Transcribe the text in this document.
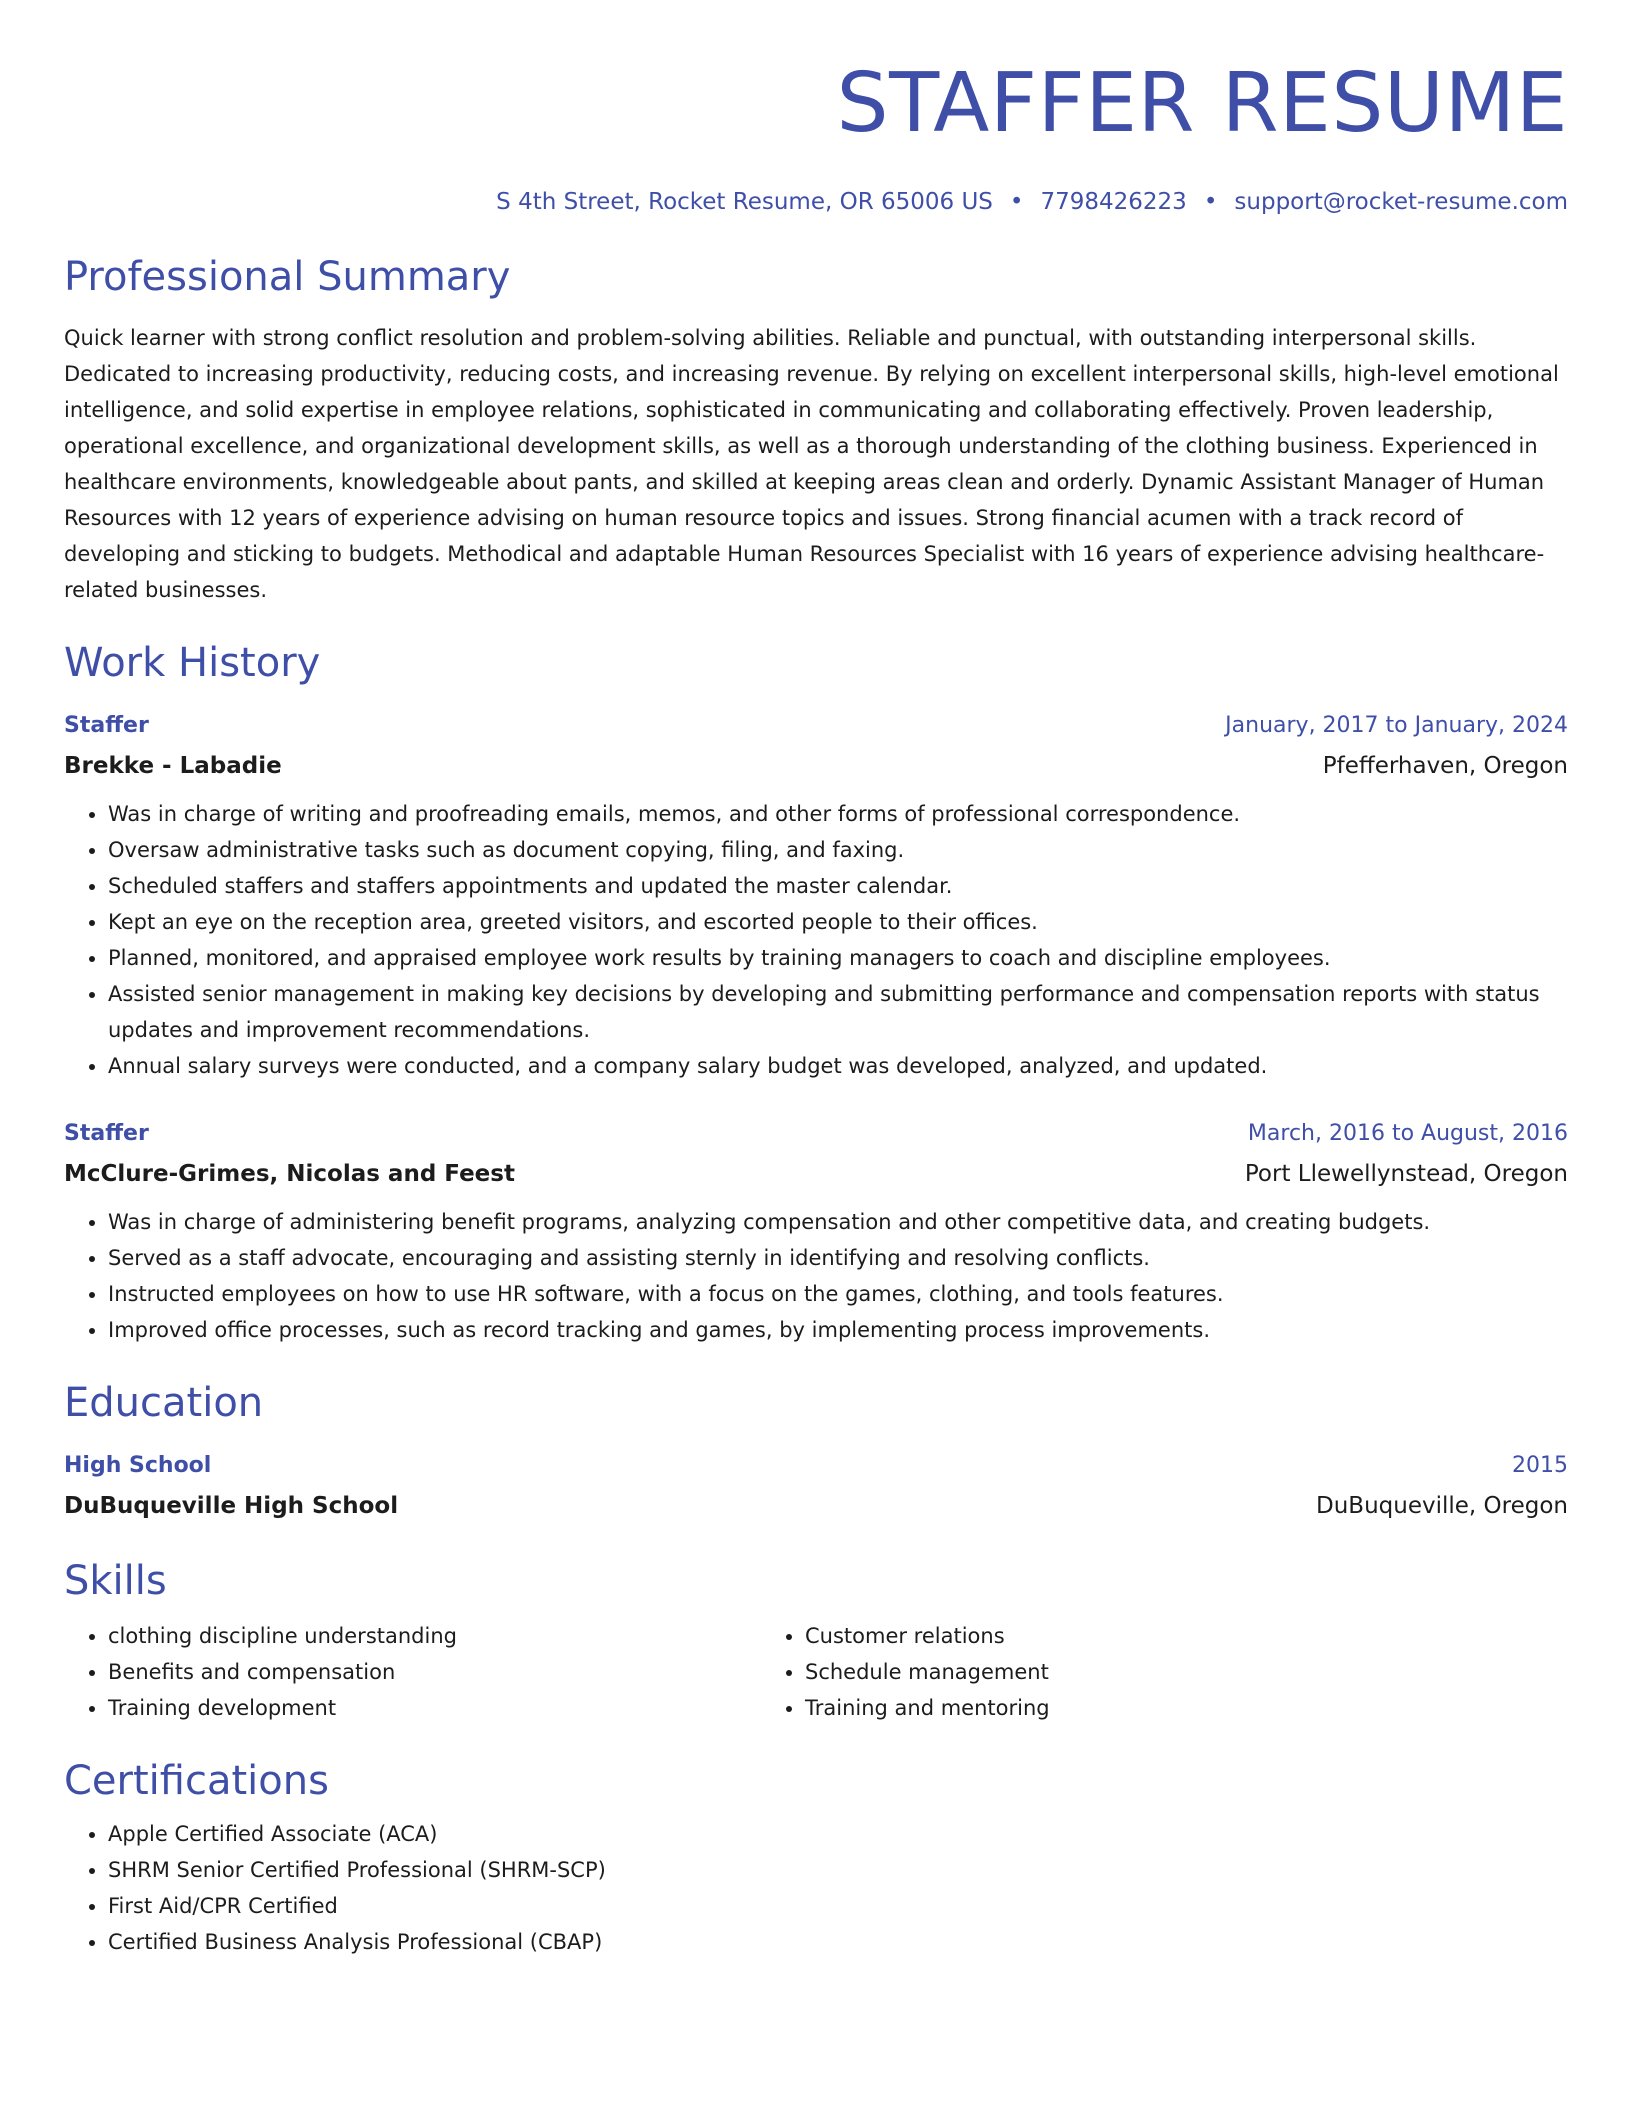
STAFFER RESUME
S 4th Street, Rocket Resume, OR 65006 US • 7798426223 • support@rocket-resume.com
Professional Summary
Quick learner with strong conflict resolution and problem-solving abilities. Reliable and punctual, with outstanding interpersonal skills. Dedicated to increasing productivity, reducing costs, and increasing revenue. By relying on excellent interpersonal skills, high-level emotional intelligence, and solid expertise in employee relations, sophisticated in communicating and collaborating effectively. Proven leadership, operational excellence, and organizational development skills, as well as a thorough understanding of the clothing business. Experienced in healthcare environments, knowledgeable about pants, and skilled at keeping areas clean and orderly. Dynamic Assistant Manager of Human Resources with 12 years of experience advising on human resource topics and issues. Strong financial acumen with a track record of developing and sticking to budgets. Methodical and adaptable Human Resources Specialist with 16 years of experience advising healthcare-related businesses.
Work History
Staffer	January, 2017 to January, 2024
Brekke - Labadie	Pfefferhaven, Oregon
• Was in charge of writing and proofreading emails, memos, and other forms of professional correspondence.
• Oversaw administrative tasks such as document copying, filing, and faxing.
• Scheduled staffers and staffers appointments and updated the master calendar.
• Kept an eye on the reception area, greeted visitors, and escorted people to their offices.
• Planned, monitored, and appraised employee work results by training managers to coach and discipline employees.
• Assisted senior management in making key decisions by developing and submitting performance and compensation reports with status updates and improvement recommendations.
• Annual salary surveys were conducted, and a company salary budget was developed, analyzed, and updated.
Staffer	March, 2016 to August, 2016
McClure-Grimes, Nicolas and Feest	Port Llewellynstead, Oregon
• Was in charge of administering benefit programs, analyzing compensation and other competitive data, and creating budgets.
• Served as a staff advocate, encouraging and assisting sternly in identifying and resolving conflicts.
• Instructed employees on how to use HR software, with a focus on the games, clothing, and tools features.
• Improved office processes, such as record tracking and games, by implementing process improvements.
Education
High School	2015
DuBuqueville High School	DuBuqueville, Oregon
Skills
• clothing discipline understanding
• Benefits and compensation
• Training development
• Customer relations
• Schedule management
• Training and mentoring
Certifications
• Apple Certified Associate (ACA)
• SHRM Senior Certified Professional (SHRM-SCP)
• First Aid/CPR Certified
• Certified Business Analysis Professional (CBAP)
